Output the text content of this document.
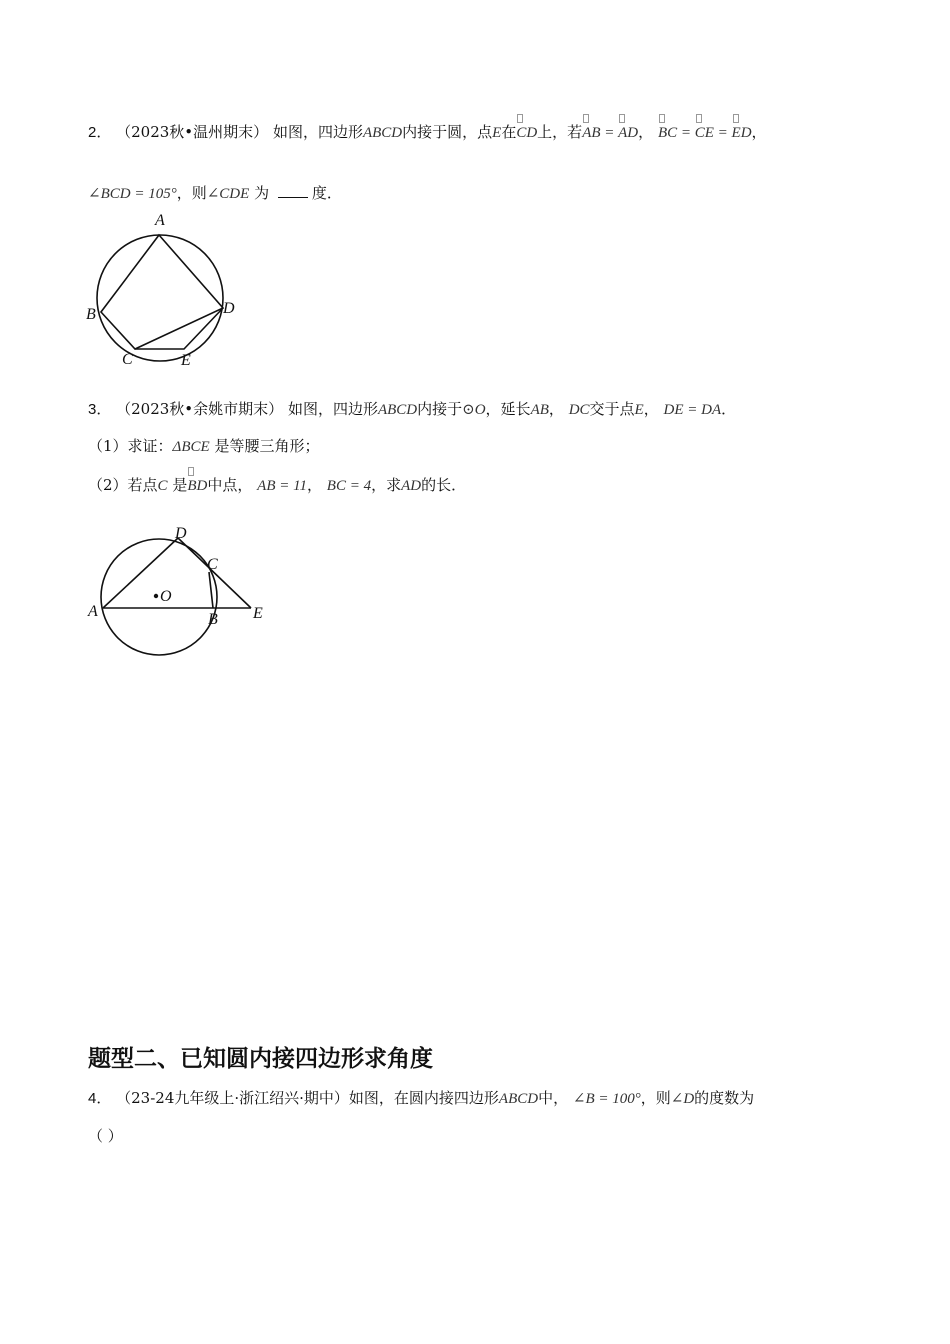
2． （2023秋•温州期末） 如图，四边形ABCD内接于圆，点E在CD上，若AB = AD， BC = CE = ED，
∠BCD = 105°，则∠CDE 为	度．
A
B
C
D
E
3． （2023秋•余姚市期末） 如图，四边形ABCD内接于⊙O，延长AB， DC交于点E， DE = DA．
（1）求证：ΔBCE 是等腰三角形；
（2）若点C 是BD中点， AB = 11， BC = 4，求AD的长．
O
A	B
C
D
E
题型二、已知圆内接四边形求角度
4． （23-24九年级上·浙江绍兴·期中）如图，在圆内接四边形ABCD中， ∠B = 100°，则∠D的度数为
（ ）
